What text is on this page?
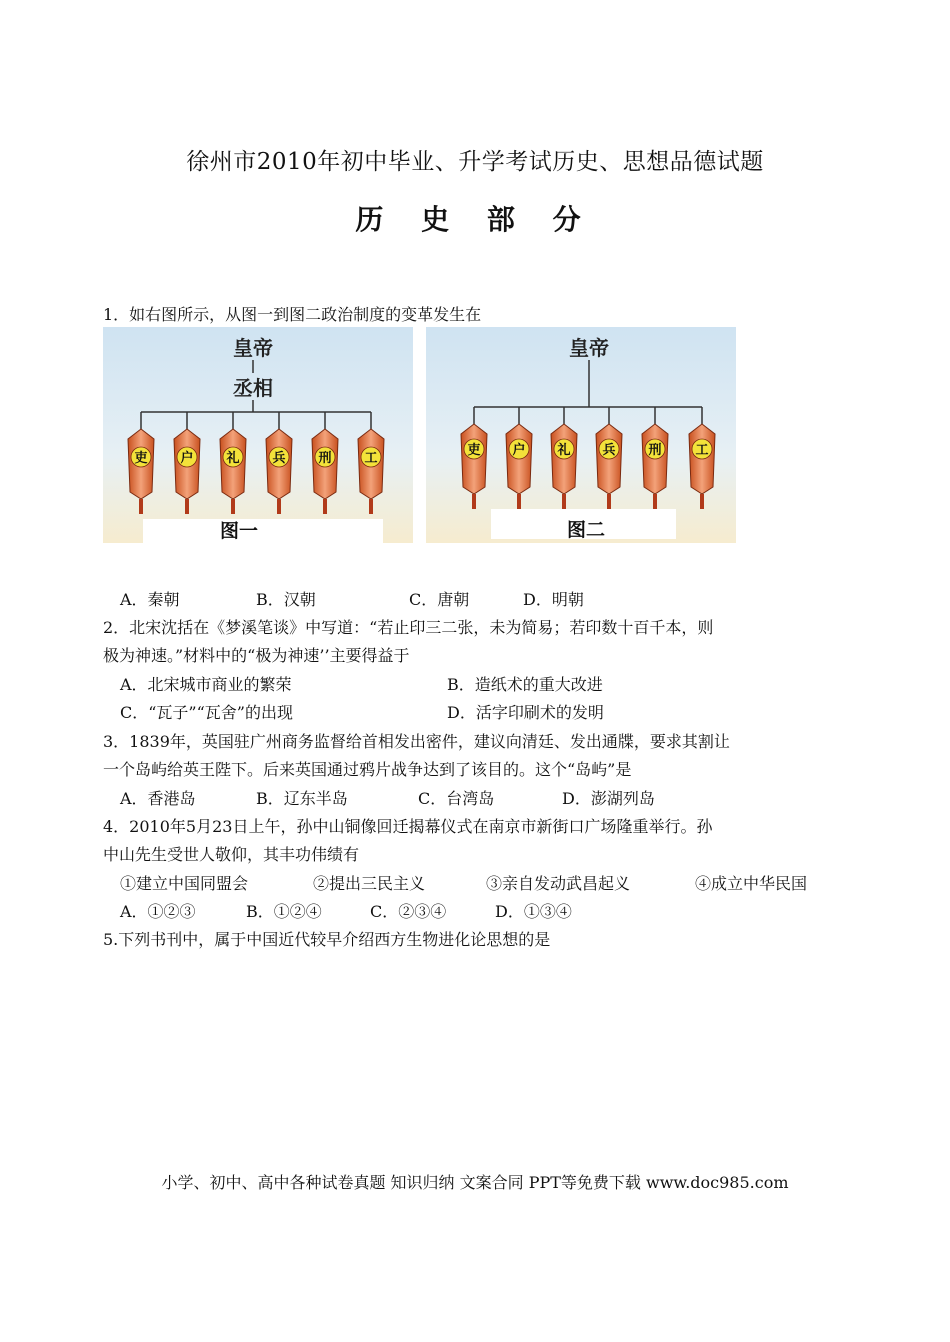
徐州市2010年初中毕业、升学考试历史、思想品德试题
历 史 部 分
1．如右图所示，从图一到图二政治制度的变革发生在
皇帝
丞相
吏	户	礼	兵	刑	工
图一
皇帝
吏 户 礼 兵	刑	工
图二
A．秦朝	B．汉朝	C．唐朝	D．明朝
2．北宋沈括在《梦溪笔谈》中写道：“若止印三二张，未为简易；若印数十百千本，则
极为神速。”材料中的“极为神速’’主要得益于
A．北宋城市商业的繁荣	B．造纸术的重大改进
C．“瓦子”“瓦舍”的出现	D．活字印刷术的发明
3．1839年，英国驻广州商务监督给首相发出密件，建议向清廷、发出通牒，要求其割让
一个岛屿给英王陛下。后来英国通过鸦片战争达到了该目的。这个“岛屿”是
A．香港岛	B．辽东半岛	C．台湾岛	D．澎湖列岛
4．2010年5月23日上午，孙中山铜像回迁揭幕仪式在南京市新街口广场隆重举行。孙
中山先生受世人敬仰，其丰功伟绩有
①建立中国同盟会	②提出三民主义	③亲自发动武昌起义	④成立中华民国
A．①②③	B．①②④	C．②③④	D．①③④
5.下列书刊中，属于中国近代较早介绍西方生物进化论思想的是
小学、初中、高中各种试卷真题 知识归纳 文案合同 PPT等免费下载 www.doc985.com
